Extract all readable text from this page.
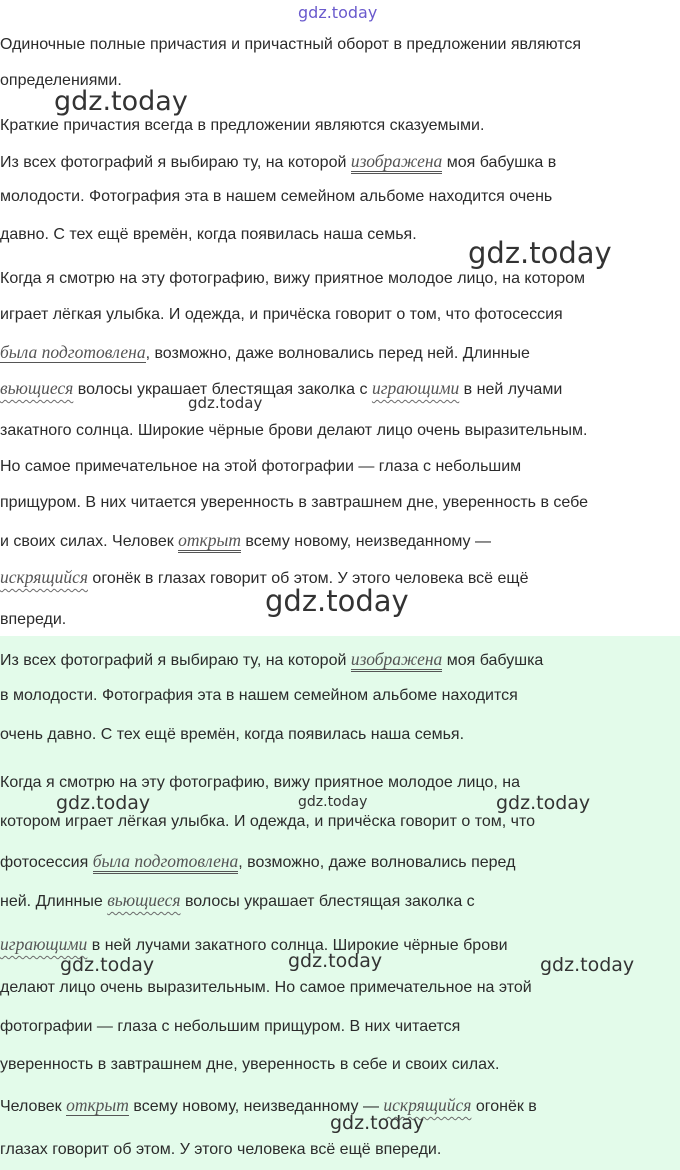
Одиночные полные причастия и причастный оборот в предложении являются

определениями.

Краткие причастия всегда в предложении являются сказуемыми.

Из всех фотографий я выбираю ту, на которой изображена моя бабушка в

молодости. Фотография эта в нашем семейном альбоме находится очень

давно. С тех ещё времён, когда появилась наша семья.

Когда я смотрю на эту фотографию, вижу приятное молодое лицо, на котором

играет лёгкая улыбка. И одежда, и причёска говорит о том, что фотосессия

была подготовлена, возможно, даже волновались перед ней. Длинные

вьющиеся волосы украшает блестящая заколка с играющими в ней лучами

закатного солнца. Широкие чёрные брови делают лицо очень выразительным.

Но самое примечательное на этой фотографии — глаза с небольшим

прищуром. В них читается уверенность в завтрашнем дне, уверенность в себе

и своих силах. Человек открыт всему новому, неизведанному —

искрящийся огонёк в глазах говорит об этом. У этого человека всё ещё

впереди.

Из всех фотографий я выбираю ту, на которой изображена моя бабушка

в молодости. Фотография эта в нашем семейном альбоме находится

очень давно. С тех ещё времён, когда появилась наша семья.

Когда я смотрю на эту фотографию, вижу приятное молодое лицо, на

котором играет лёгкая улыбка. И одежда, и причёска говорит о том, что

фотосессия была подготовлена, возможно, даже волновались перед

ней. Длинные вьющиеся волосы украшает блестящая заколка с

играющими в ней лучами закатного солнца. Широкие чёрные брови

делают лицо очень выразительным. Но самое примечательное на этой

фотографии — глаза с небольшим прищуром. В них читается

уверенность в завтрашнем дне, уверенность в себе и своих силах.

Человек открыт всему новому, неизведанному — искрящийся огонёк в

глазах говорит об этом. У этого человека всё ещё впереди.

gdz.today
gdz.today
gdz.today
gdz.today
gdz.today
gdz.today	gdz.today	gdz.today
gdz.today	gdz.today	gdz.today
gdz.today
